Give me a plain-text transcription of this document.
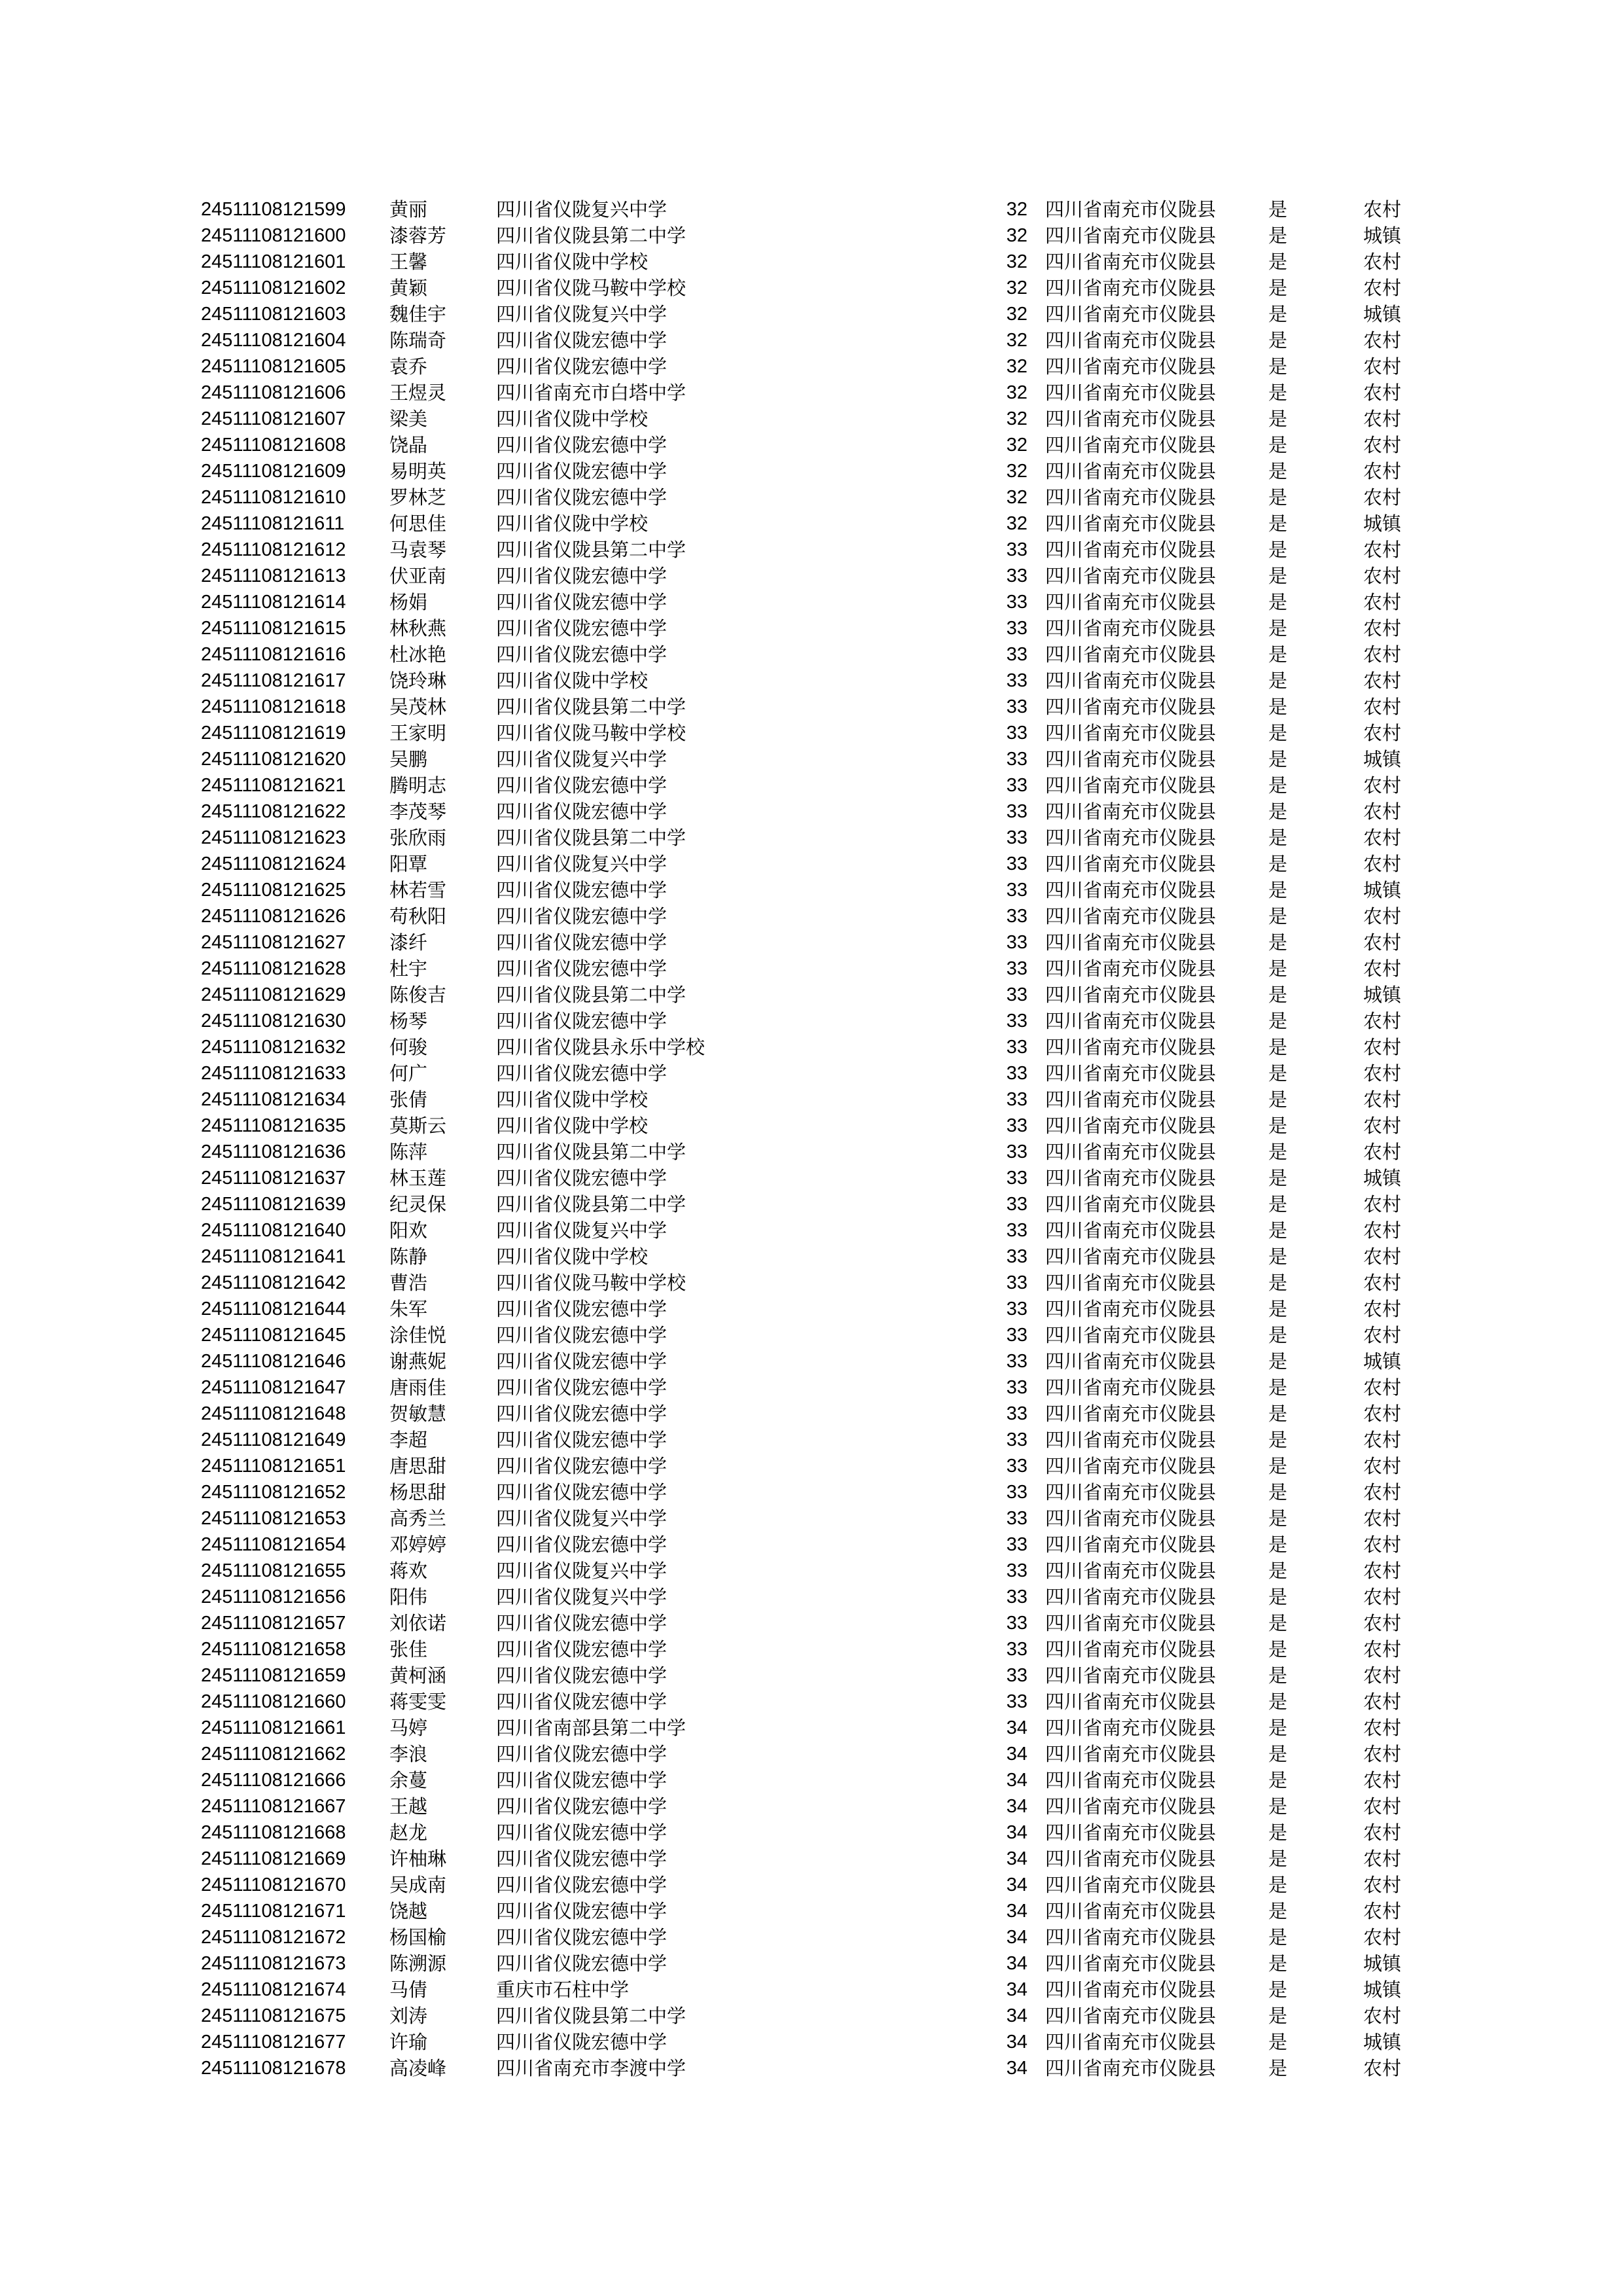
24511108121599 黄丽	四川省仪陇复兴中学	32 四川省南充市仪陇县	是	农村
24511108121600 漆蓉芳	四川省仪陇县第二中学	32 四川省南充市仪陇县	是	城镇
24511108121601 王馨	四川省仪陇中学校	32 四川省南充市仪陇县	是	农村
24511108121602 黄颖	四川省仪陇马鞍中学校	32 四川省南充市仪陇县	是	农村
24511108121603 魏佳宇	四川省仪陇复兴中学	32 四川省南充市仪陇县	是	城镇
24511108121604 陈瑞奇	四川省仪陇宏德中学	32 四川省南充市仪陇县	是	农村
24511108121605 袁乔	四川省仪陇宏德中学	32 四川省南充市仪陇县	是	农村
24511108121606 王煜灵	四川省南充市白塔中学	32 四川省南充市仪陇县	是	农村
24511108121607 梁美	四川省仪陇中学校	32 四川省南充市仪陇县	是	农村
24511108121608 饶晶	四川省仪陇宏德中学	32 四川省南充市仪陇县	是	农村
24511108121609 易明英	四川省仪陇宏德中学	32 四川省南充市仪陇县	是	农村
24511108121610 罗林芝	四川省仪陇宏德中学	32 四川省南充市仪陇县	是	农村
24511108121611 何思佳	四川省仪陇中学校	32 四川省南充市仪陇县	是	城镇
24511108121612 马袁琴	四川省仪陇县第二中学	33 四川省南充市仪陇县	是	农村
24511108121613 伏亚南	四川省仪陇宏德中学	33 四川省南充市仪陇县	是	农村
24511108121614 杨娟	四川省仪陇宏德中学	33 四川省南充市仪陇县	是	农村
24511108121615 林秋燕	四川省仪陇宏德中学	33 四川省南充市仪陇县	是	农村
24511108121616 杜冰艳	四川省仪陇宏德中学	33 四川省南充市仪陇县	是	农村
24511108121617 饶玲琳	四川省仪陇中学校	33 四川省南充市仪陇县	是	农村
24511108121618 吴茂林	四川省仪陇县第二中学	33 四川省南充市仪陇县	是	农村
24511108121619 王家明	四川省仪陇马鞍中学校	33 四川省南充市仪陇县	是	农村
24511108121620 吴鹏	四川省仪陇复兴中学	33 四川省南充市仪陇县	是	城镇
24511108121621 腾明志	四川省仪陇宏德中学	33 四川省南充市仪陇县	是	农村
24511108121622 李茂琴	四川省仪陇宏德中学	33 四川省南充市仪陇县	是	农村
24511108121623 张欣雨	四川省仪陇县第二中学	33 四川省南充市仪陇县	是	农村
24511108121624 阳覃	四川省仪陇复兴中学	33 四川省南充市仪陇县	是	农村
24511108121625 林若雪	四川省仪陇宏德中学	33 四川省南充市仪陇县	是	城镇
24511108121626 苟秋阳	四川省仪陇宏德中学	33 四川省南充市仪陇县	是	农村
24511108121627 漆纤	四川省仪陇宏德中学	33 四川省南充市仪陇县	是	农村
24511108121628 杜宇	四川省仪陇宏德中学	33 四川省南充市仪陇县	是	农村
24511108121629 陈俊吉	四川省仪陇县第二中学	33 四川省南充市仪陇县	是	城镇
24511108121630 杨琴	四川省仪陇宏德中学	33 四川省南充市仪陇县	是	农村
24511108121632 何骏	四川省仪陇县永乐中学校	33 四川省南充市仪陇县	是	农村
24511108121633 何广	四川省仪陇宏德中学	33 四川省南充市仪陇县	是	农村
24511108121634 张倩	四川省仪陇中学校	33 四川省南充市仪陇县	是	农村
24511108121635 莫斯云	四川省仪陇中学校	33 四川省南充市仪陇县	是	农村
24511108121636 陈萍	四川省仪陇县第二中学	33 四川省南充市仪陇县	是	农村
24511108121637 林玉莲	四川省仪陇宏德中学	33 四川省南充市仪陇县	是	城镇
24511108121639 纪灵保	四川省仪陇县第二中学	33 四川省南充市仪陇县	是	农村
24511108121640 阳欢	四川省仪陇复兴中学	33 四川省南充市仪陇县	是	农村
24511108121641 陈静	四川省仪陇中学校	33 四川省南充市仪陇县	是	农村
24511108121642 曹浩	四川省仪陇马鞍中学校	33 四川省南充市仪陇县	是	农村
24511108121644 朱军	四川省仪陇宏德中学	33 四川省南充市仪陇县	是	农村
24511108121645 涂佳悦	四川省仪陇宏德中学	33 四川省南充市仪陇县	是	农村
24511108121646 谢燕妮	四川省仪陇宏德中学	33 四川省南充市仪陇县	是	城镇
24511108121647 唐雨佳	四川省仪陇宏德中学	33 四川省南充市仪陇县	是	农村
24511108121648 贺敏慧	四川省仪陇宏德中学	33 四川省南充市仪陇县	是	农村
24511108121649 李超	四川省仪陇宏德中学	33 四川省南充市仪陇县	是	农村
24511108121651 唐思甜	四川省仪陇宏德中学	33 四川省南充市仪陇县	是	农村
24511108121652 杨思甜	四川省仪陇宏德中学	33 四川省南充市仪陇县	是	农村
24511108121653 高秀兰	四川省仪陇复兴中学	33 四川省南充市仪陇县	是	农村
24511108121654 邓婷婷	四川省仪陇宏德中学	33 四川省南充市仪陇县	是	农村
24511108121655 蒋欢	四川省仪陇复兴中学	33 四川省南充市仪陇县	是	农村
24511108121656 阳伟	四川省仪陇复兴中学	33 四川省南充市仪陇县	是	农村
24511108121657 刘依诺	四川省仪陇宏德中学	33 四川省南充市仪陇县	是	农村
24511108121658 张佳	四川省仪陇宏德中学	33 四川省南充市仪陇县	是	农村
24511108121659 黄柯涵	四川省仪陇宏德中学	33 四川省南充市仪陇县	是	农村
24511108121660 蒋雯雯	四川省仪陇宏德中学	33 四川省南充市仪陇县	是	农村
24511108121661 马婷	四川省南部县第二中学	34 四川省南充市仪陇县	是	农村
24511108121662 李浪	四川省仪陇宏德中学	34 四川省南充市仪陇县	是	农村
24511108121666 余蔓	四川省仪陇宏德中学	34 四川省南充市仪陇县	是	农村
24511108121667 王越	四川省仪陇宏德中学	34 四川省南充市仪陇县	是	农村
24511108121668 赵龙	四川省仪陇宏德中学	34 四川省南充市仪陇县	是	农村
24511108121669 许柚琳	四川省仪陇宏德中学	34 四川省南充市仪陇县	是	农村
24511108121670 吴成南	四川省仪陇宏德中学	34 四川省南充市仪陇县	是	农村
24511108121671 饶越	四川省仪陇宏德中学	34 四川省南充市仪陇县	是	农村
24511108121672 杨国榆	四川省仪陇宏德中学	34 四川省南充市仪陇县	是	农村
24511108121673 陈溯源	四川省仪陇宏德中学	34 四川省南充市仪陇县	是	城镇
24511108121674 马倩	重庆市石柱中学	34 四川省南充市仪陇县	是	城镇
24511108121675 刘涛	四川省仪陇县第二中学	34 四川省南充市仪陇县	是	农村
24511108121677 许瑜	四川省仪陇宏德中学	34 四川省南充市仪陇县	是	城镇
24511108121678 高凌峰	四川省南充市李渡中学	34 四川省南充市仪陇县	是	农村
